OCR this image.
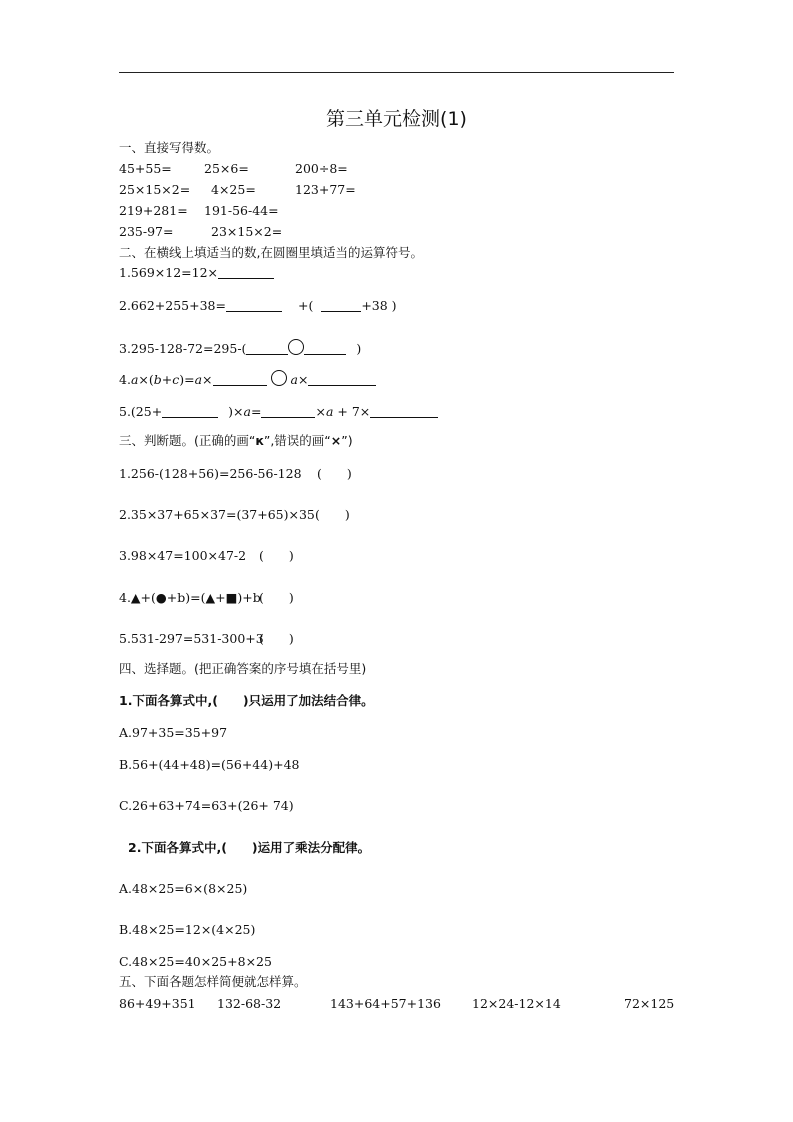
第三单元检测(1)
一、直接写得数。
45+55=	25×6=	200÷8=
25×15×2= 4×25=	123+77=
219+281= 191-56-44=
235-97=	23×15×2=
二、在横线上填适当的数,在圆圈里填适当的运算符号。
1.569×12=12×
2.662+255+38=	+(	+38 )
3.295-128-72=295-(	)
4.a×(b+c)=a×	a×
5.(25+	)×a=	×a + 7×
三、判断题。(正确的画“к”,错误的画“×”)
1.256-(128+56)=256-56-128 (　　)
2.35×37+65×37=(37+65)×35 (　　)
3.98×47=100×47-2 (　　)
4.▲+(●+b)=(▲+■)+b
(　　)
5.531-297=531-300+3
(　　)
四、选择题。(把正确答案的序号填在括号里)
1.下面各算式中,(　　)只运用了加法结合律。
A.97+35=35+97
B.56+(44+48)=(56+44)+48
C.26+63+74=63+(26+ 74)
2.下面各算式中,(　　)运用了乘法分配律。
A.48×25=6×(8×25)
B.48×25=12×(4×25)
C.48×25=40×25+8×25
五、下面各题怎样简便就怎样算。
86+49+351 132-68-32	143+64+57+136 12×24-12×14	72×125
